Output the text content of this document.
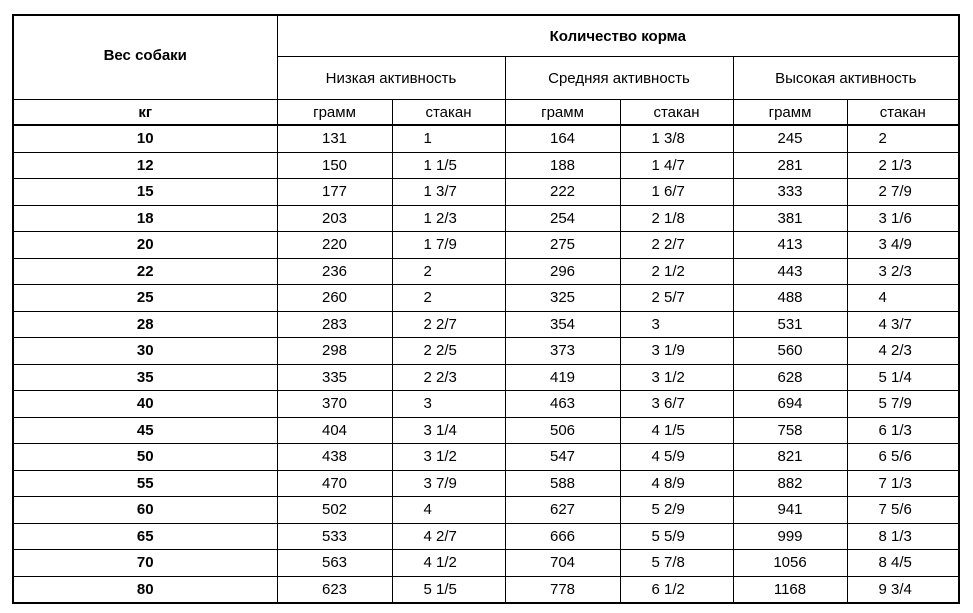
Вес собаки	Количество корма					
	Низкая активность		Средняя активность		Высокая активность	
кг	грамм	стакан	грамм	стакан	грамм	стакан
10	131	1	164	1 3/8	245	2
12	150	1 1/5	188	1 4/7	281	2 1/3
15	177	1 3/7	222	1 6/7	333	2 7/9
18	203	1 2/3	254	2 1/8	381	3 1/6
20	220	1 7/9	275	2 2/7	413	3 4/9
22	236	2	296	2 1/2	443	3 2/3
25	260	2	325	2 5/7	488	4
28	283	2 2/7	354	3	531	4 3/7
30	298	2 2/5	373	3 1/9	560	4 2/3
35	335	2 2/3	419	3 1/2	628	5 1/4
40	370	3	463	3 6/7	694	5 7/9
45	404	3 1/4	506	4 1/5	758	6 1/3
50	438	3 1/2	547	4 5/9	821	6 5/6
55	470	3 7/9	588	4 8/9	882	7 1/3
60	502	4	627	5 2/9	941	7 5/6
65	533	4 2/7	666	5 5/9	999	8 1/3
70	563	4 1/2	704	5 7/8	1056	8 4/5
80	623	5 1/5	778	6 1/2	1168	9 3/4
